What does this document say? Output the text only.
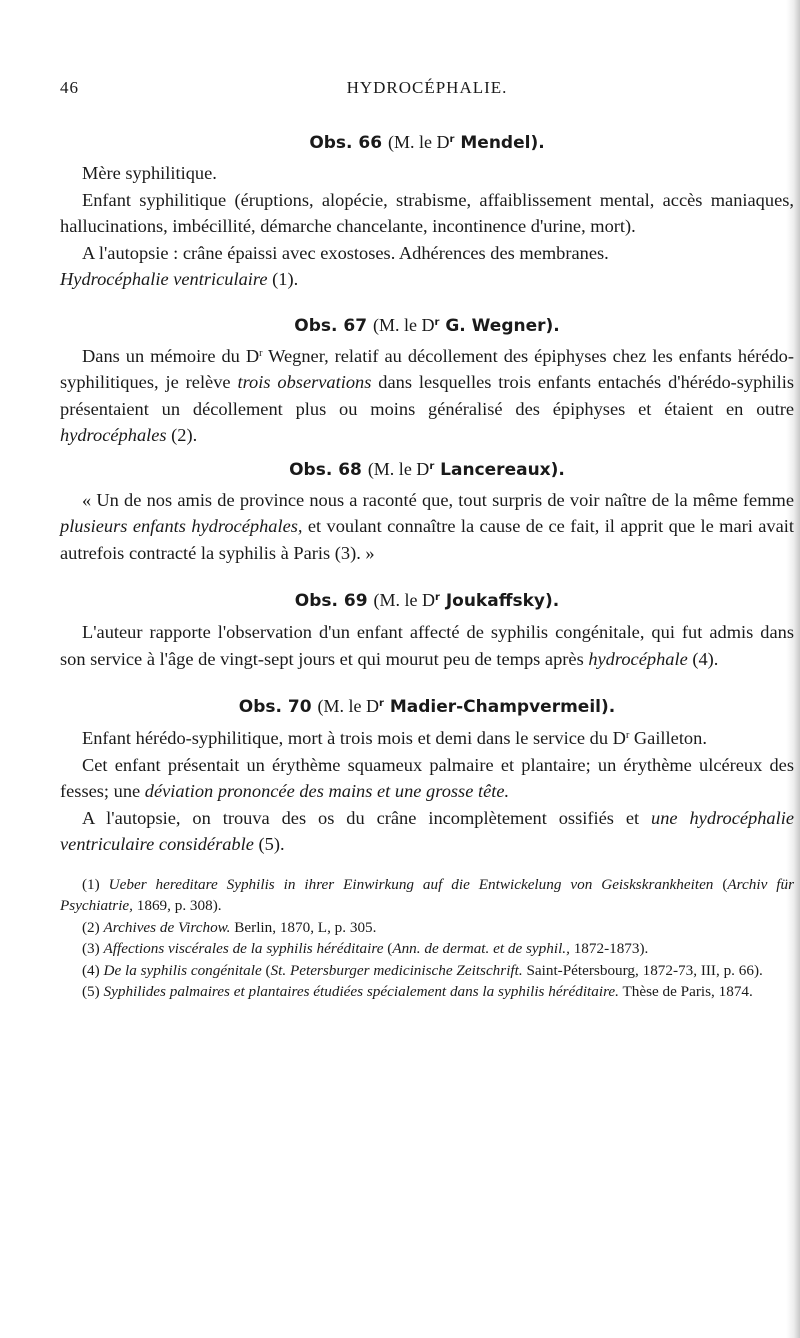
46	HYDROCÉPHALIE.
Obs. 66 (M. le $D^r$ Mendel).

Mère syphilitique.

Enfant syphilitique (éruptions, alopécie, strabisme, affaiblissement mental, accès maniaques, hallucinations, imbécillité, démarche chancelante, incontinence d'urine, mort).

A l'autopsie : crâne épaissi avec exostoses. Adhérences des membranes.
Hydrocéphalie ventriculaire (1).

Obs. 67 (M. le $D^r$ G. Wegner).

Dans un mémoire du $D^r$ Wegner, relatif au décollement des épiphyses chez les enfants hérédo-syphilitiques, je relève trois observations dans lesquelles trois enfants entachés d'hérédo-syphilis présentaient un décollement plus ou moins généralisé des épiphyses et étaient en outre hydrocéphales (2).

Obs. 68 (M. le $D^r$ Lancereaux).

« Un de nos amis de province nous a raconté que, tout surpris de voir naître de la même femme plusieurs enfants hydrocéphales, et voulant connaître la cause de ce fait, il apprit que le mari avait autrefois contracté la syphilis à Paris (3). »

Obs. 69 (M. le $D^r$ Joukaffsky).

L'auteur rapporte l'observation d'un enfant affecté de syphilis congénitale, qui fut admis dans son service à l'âge de vingt-sept jours et qui mourut peu de temps après hydrocéphale (4).

Obs. 70 (M. le $D^r$ Madier-Champvermeil).

Enfant hérédo-syphilitique, mort à trois mois et demi dans le service du $D^r$ Gailleton.

Cet enfant présentait un érythème squameux palmaire et plantaire; un érythème ulcéreux des fesses; une déviation prononcée des mains et une grosse tête.

A l'autopsie, on trouva des os du crâne incomplètement ossifiés et une hydrocéphalie ventriculaire considérable (5).

(1) Ueber hereditare Syphilis in ihrer Einwirkung auf die Entwickelung von Geiskskrankheiten (Archiv für Psychiatrie, 1869, p. 308).

(2) Archives de Virchow. Berlin, 1870, L, p. 305.

(3) Affections viscérales de la syphilis héréditaire (Ann. de dermat. et de syphil., 1872-1873).

(4) De la syphilis congénitale (St. Petersburger medicinische Zeitschrift. Saint-Pétersbourg, 1872-73, III, p. 66).

(5) Syphilides palmaires et plantaires étudiées spécialement dans la syphilis héréditaire. Thèse de Paris, 1874.
